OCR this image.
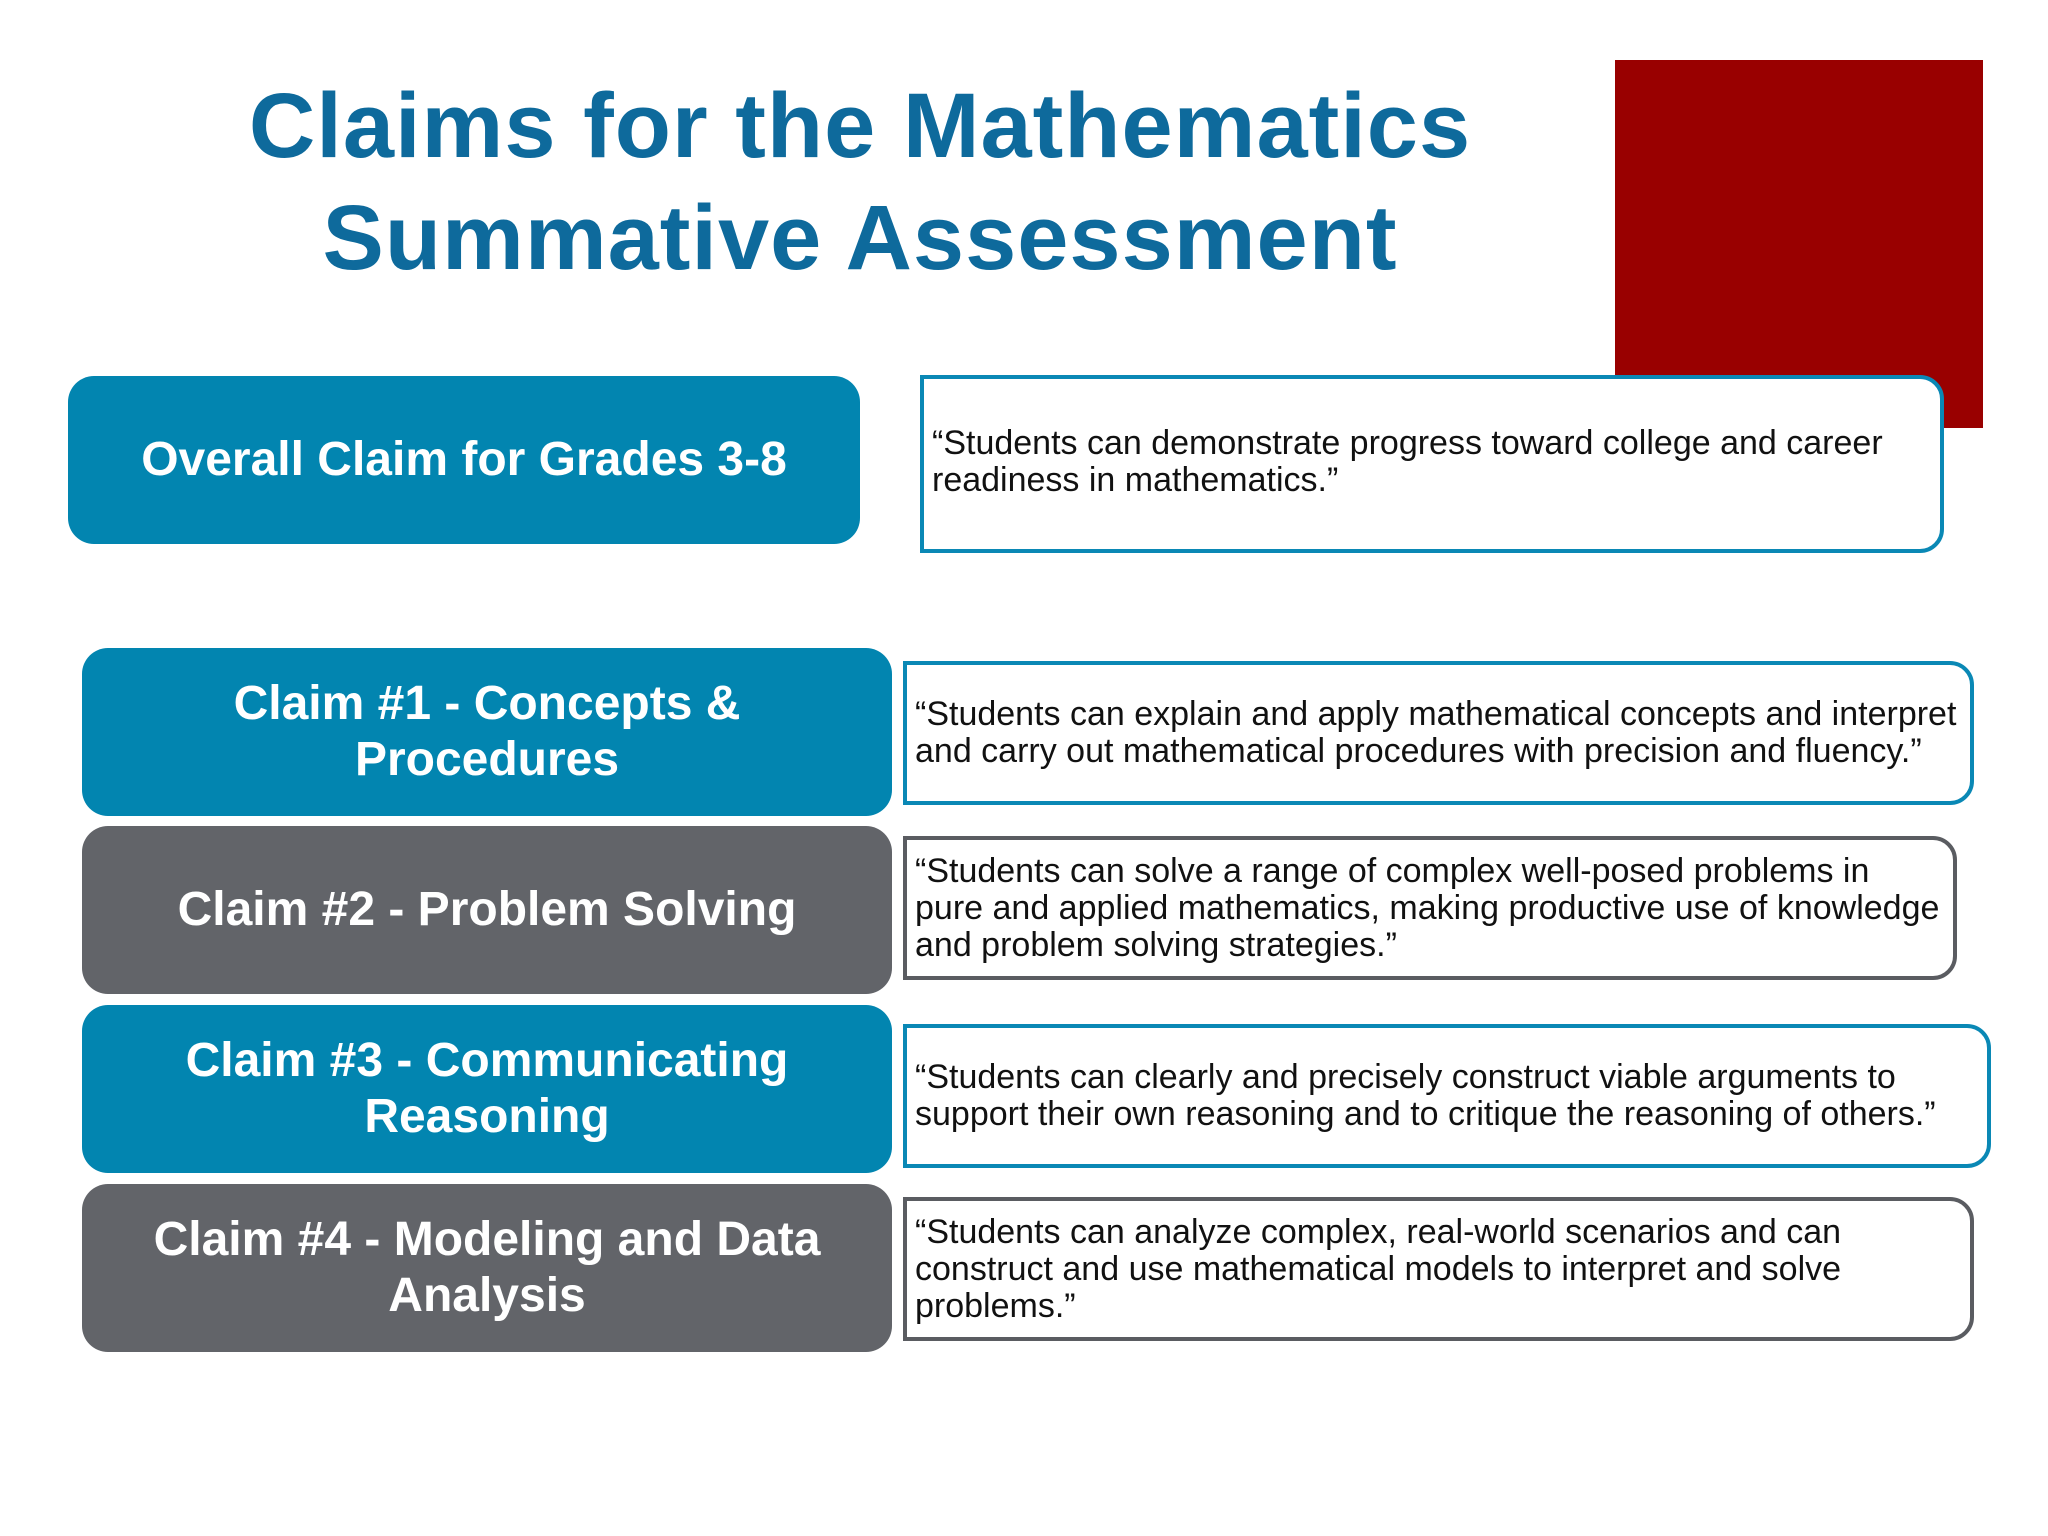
Claims for the Mathematics
Summative Assessment
Overall Claim for Grades 3-8	“Students can demonstrate progress toward college and career readiness in mathematics.”

Claim #1 - Concepts & Procedures

“Students can explain and apply mathematical concepts and interpret and carry out mathematical procedures with precision and fluency.”

Claim #2 - Problem Solving

“Students can solve a range of complex well-posed problems in pure and applied mathematics, making productive use of knowledge and problem solving strategies.”

Claim #3 - Communicating Reasoning

“Students can clearly and precisely construct viable arguments to support their own reasoning and to critique the reasoning of others.”

Claim #4 - Modeling and Data Analysis

“Students can analyze complex, real-world scenarios and can construct and use mathematical models to interpret and solve problems.”
